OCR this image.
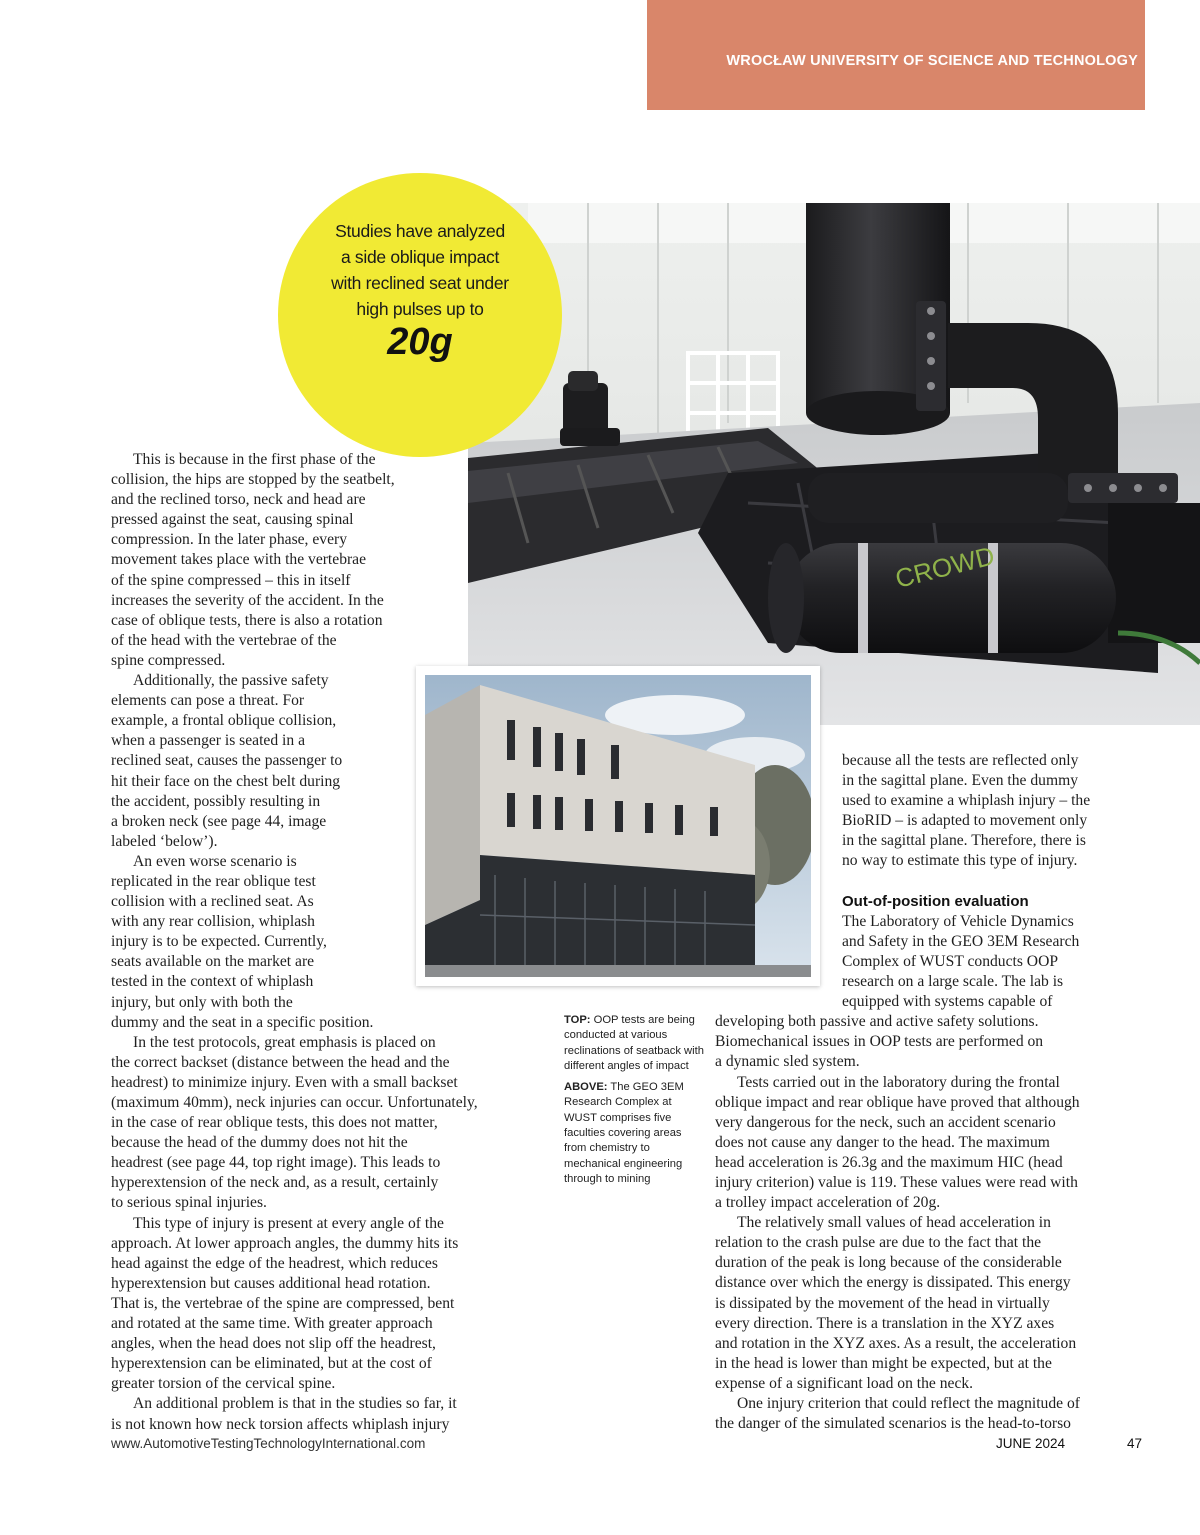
WROCŁAW UNIVERSITY OF SCIENCE AND TECHNOLOGY
CROWD
Studies have analyzed
a side oblique impact
with reclined seat under
high pulses up to
20g
This is because in the first phase of the
collision, the hips are stopped by the seatbelt,
and the reclined torso, neck and head are
pressed against the seat, causing spinal
compression. In the later phase, every
movement takes place with the vertebrae
of the spine compressed – this in itself
increases the severity of the accident. In the
case of oblique tests, there is also a rotation
of the head with the vertebrae of the
spine compressed.
Additionally, the passive safety
elements can pose a threat. For
example, a frontal oblique collision,
when a passenger is seated in a
reclined seat, causes the passenger to
hit their face on the chest belt during
the accident, possibly resulting in
a broken neck (see page 44, image
labeled ‘below’).
An even worse scenario is
replicated in the rear oblique test
collision with a reclined seat. As
with any rear collision, whiplash
injury is to be expected. Currently,
seats available on the market are
tested in the context of whiplash
injury, but only with both the
dummy and the seat in a specific position.
In the test protocols, great emphasis is placed on
the correct backset (distance between the head and the
headrest) to minimize injury. Even with a small backset
(maximum 40mm), neck injuries can occur. Unfortunately,
in the case of rear oblique tests, this does not matter,
because the head of the dummy does not hit the
headrest (see page 44, top right image). This leads to
hyperextension of the neck and, as a result, certainly
to serious spinal injuries.
This type of injury is present at every angle of the
approach. At lower approach angles, the dummy hits its
head against the edge of the headrest, which reduces
hyperextension but causes additional head rotation.
That is, the vertebrae of the spine are compressed, bent
and rotated at the same time. With greater approach
angles, when the head does not slip off the headrest,
hyperextension can be eliminated, but at the cost of
greater torsion of the cervical spine.
An additional problem is that in the studies so far, it
is not known how neck torsion affects whiplash injury
because all the tests are reflected only
in the sagittal plane. Even the dummy
used to examine a whiplash injury – the
BioRID – is adapted to movement only
in the sagittal plane. Therefore, there is
no way to estimate this type of injury.
Out-of-position evaluation
The Laboratory of Vehicle Dynamics
and Safety in the GEO 3EM Research
Complex of WUST conducts OOP
research on a large scale. The lab is
equipped with systems capable of
developing both passive and active safety solutions.
Biomechanical issues in OOP tests are performed on
a dynamic sled system.
Tests carried out in the laboratory during the frontal
oblique impact and rear oblique have proved that although
very dangerous for the neck, such an accident scenario
does not cause any danger to the head. The maximum
head acceleration is 26.3g and the maximum HIC (head
injury criterion) value is 119. These values were read with
a trolley impact acceleration of 20g.
The relatively small values of head acceleration in
relation to the crash pulse are due to the fact that the
duration of the peak is long because of the considerable
distance over which the energy is dissipated. This energy
is dissipated by the movement of the head in virtually
every direction. There is a translation in the XYZ axes
and rotation in the XYZ axes. As a result, the acceleration
in the head is lower than might be expected, but at the
expense of a significant load on the neck.
One injury criterion that could reflect the magnitude of
the danger of the simulated scenarios is the head-to-torso
TOP: OOP tests are being conducted at various reclinations of seatback with different angles of impact
ABOVE: The GEO 3EM Research Complex at WUST comprises five faculties covering areas from chemistry to mechanical engineering through to mining
www.AutomotiveTestingTechnologyInternational.com	JUNE 2024	47
